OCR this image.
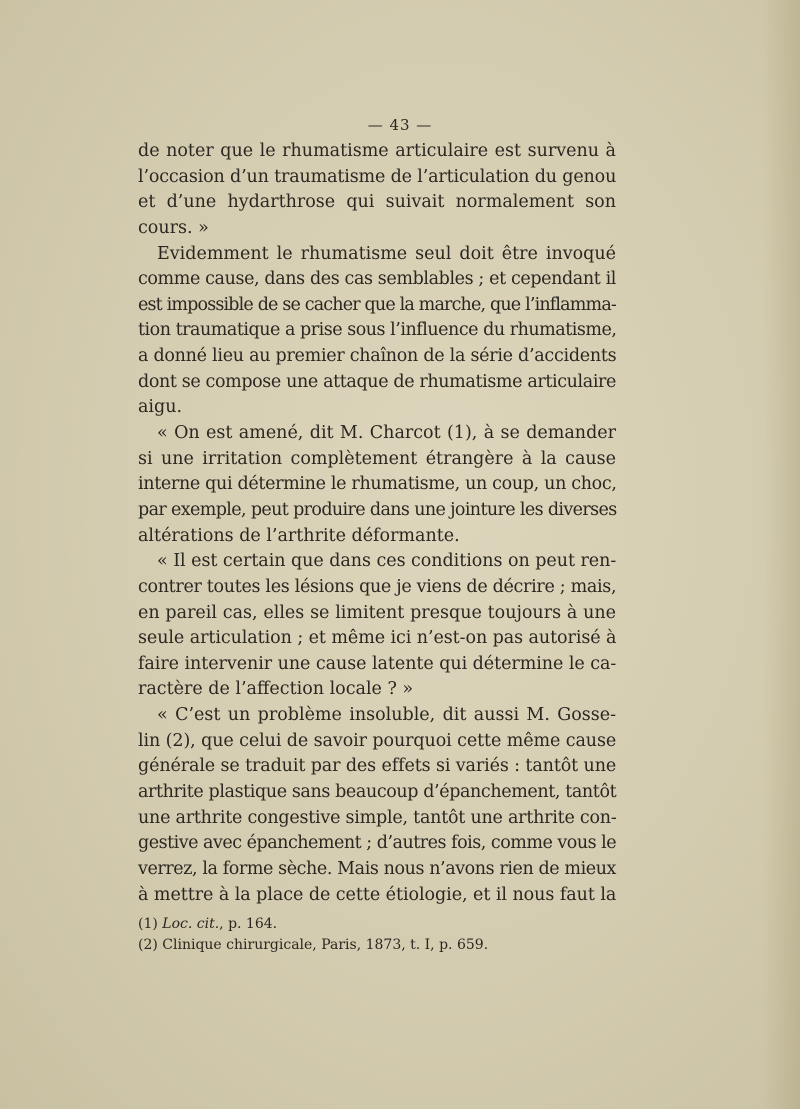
— 43 —
de noter que le rhumatisme articulaire est survenu à
l’occasion d’un traumatisme de l’articulation du genou
et d’une hydarthrose qui suivait normalement son
cours. »
Evidemment le rhumatisme seul doit être invoqué
comme cause, dans des cas semblables ; et cependant il
est impossible de se cacher que la marche, que l’inflamma-
tion traumatique a prise sous l’influence du rhumatisme,
a donné lieu au premier chaînon de la série d’accidents
dont se compose une attaque de rhumatisme articulaire
aigu.
« On est amené, dit M. Charcot (1), à se demander
si une irritation complètement étrangère à la cause
interne qui détermine le rhumatisme, un coup, un choc,
par exemple, peut produire dans une jointure les diverses
altérations de l’arthrite déformante.
« Il est certain que dans ces conditions on peut ren-
contrer toutes les lésions que je viens de décrire ; mais,
en pareil cas, elles se limitent presque toujours à une
seule articulation ; et même ici n’est-on pas autorisé à
faire intervenir une cause latente qui détermine le ca-
ractère de l’affection locale ? »
« C’est un problème insoluble, dit aussi M. Gosse-
lin (2), que celui de savoir pourquoi cette même cause
générale se traduit par des effets si variés : tantôt une
arthrite plastique sans beaucoup d’épanchement, tantôt
une arthrite congestive simple, tantôt une arthrite con-
gestive avec épanchement ; d’autres fois, comme vous le
verrez, la forme sèche. Mais nous n’avons rien de mieux
à mettre à la place de cette étiologie, et il nous faut la
(1) Loc. cit., p. 164.
(2) Clinique chirurgicale, Paris, 1873, t. I, p. 659.
